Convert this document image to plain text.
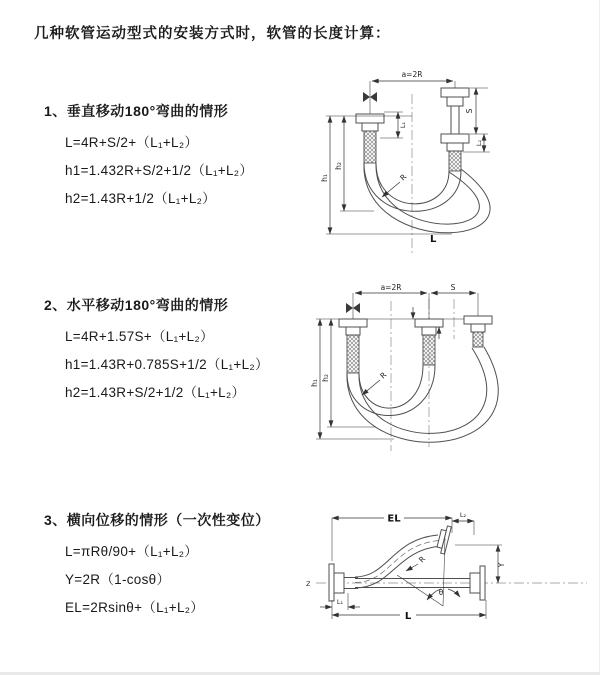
几种软管运动型式的安装方式时，软管的长度计算：
1、垂直移动180°弯曲的情形
L=4R+S/2+（L₁+L₂）
h1=1.432R+S/2+1/2（L₁+L₂）
h2=1.43R+1/2（L₁+L₂）
2、水平移动180°弯曲的情形
L=4R+1.57S+（L₁+L₂）
h1=1.43R+0.785S+1/2（L₁+L₂）
h2=1.43R+S/2+1/2（L₁+L₂）
3、横向位移的情形（一次性变位）
L=πRθ/90+（L₁+L₂）
Y=2R（1-cosθ）
EL=2Rsinθ+（L₁+L₂）
a=2R
h₁
h₂
L₁
S
L₂
R
L
a=2R	S
h₁
h₂	R
Z
EL	L₂
Y
θ
R
L
L₁
